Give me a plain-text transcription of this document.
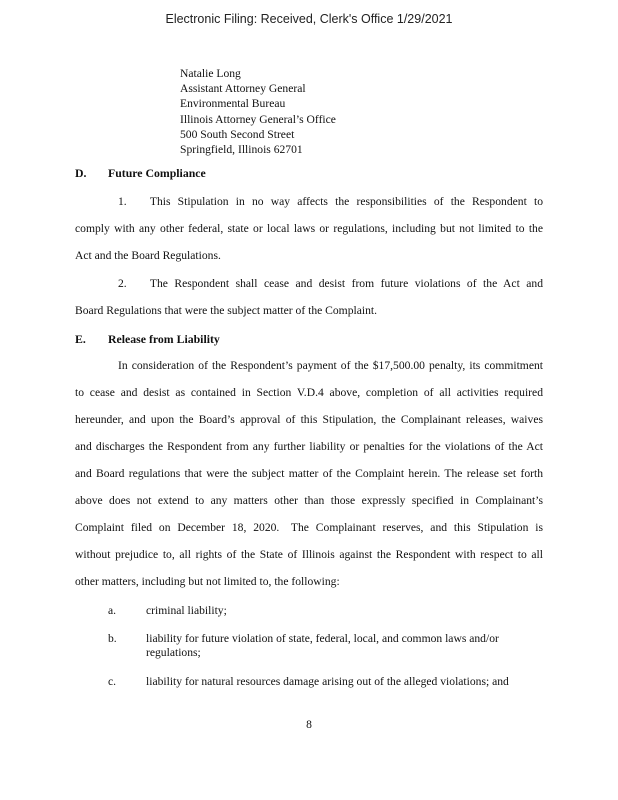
Electronic Filing: Received, Clerk's Office 1/29/2021
Natalie Long
Assistant Attorney General
Environmental Bureau
Illinois Attorney General’s Office
500 South Second Street
Springfield, Illinois 62701
D. Future Compliance
1.  This Stipulation in no way affects the responsibilities of the Respondent to
comply with any other federal, state or local laws or regulations, including but not limited to the
Act and the Board Regulations.
2.  The Respondent shall cease and desist from future violations of the Act and
Board Regulations that were the subject matter of the Complaint.
E. Release from Liability
In consideration of the Respondent’s payment of the $17,500.00 penalty, its commitment
to cease and desist as contained in Section V.D.4 above, completion of all activities required
hereunder, and upon the Board’s approval of this Stipulation, the Complainant releases, waives
and discharges the Respondent from any further liability or penalties for the violations of the Act
and Board regulations that were the subject matter of the Complaint herein. The release set forth
above does not extend to any matters other than those expressly specified in Complainant’s
Complaint filed on December 18, 2020. The Complainant reserves, and this Stipulation is
without prejudice to, all rights of the State of Illinois against the Respondent with respect to all
other matters, including but not limited to, the following:
a.	criminal liability;
b.	liability for future violation of state, federal, local, and common laws and/or regulations;
c.	liability for natural resources damage arising out of the alleged violations; and
8
